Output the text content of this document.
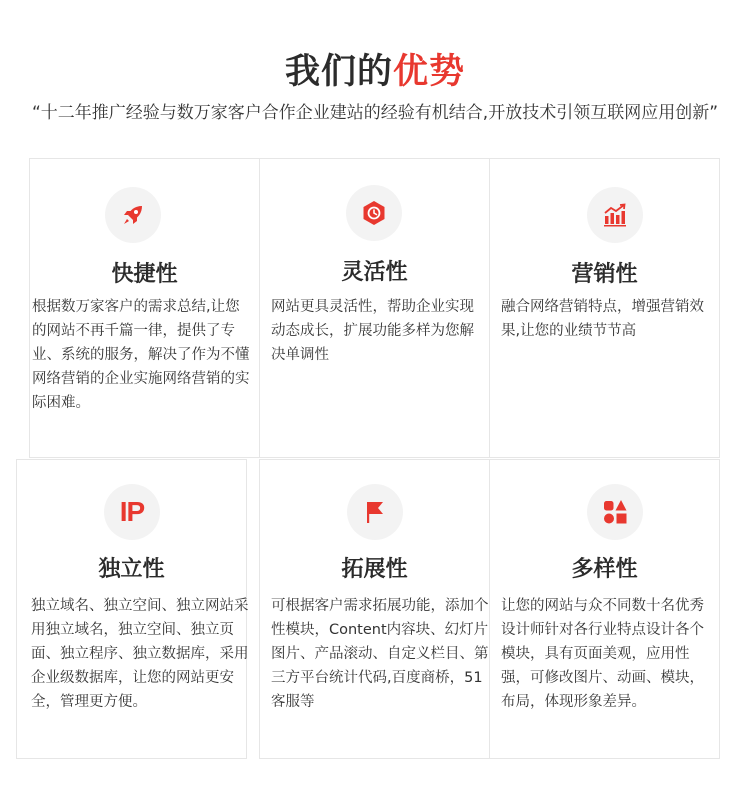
我们的优势
“十二年推广经验与数万家客户合作企业建站的经验有机结合,开放技术引领互联网应用创新”
快捷性
根据数万家客户的需求总结,让您的网站不再千篇一律，提供了专业、系统的服务，解决了作为不懂网络营销的企业实施网络营销的实际困难。
灵活性
网站更具灵活性，帮助企业实现动态成长，扩展功能多样为您解决单调性
营销性
融合网络营销特点，增强营销效果,让您的业绩节节高
IP
独立性
独立域名、独立空间、独立网站采用独立域名，独立空间、独立页面、独立程序、独立数据库，采用企业级数据库，让您的网站更安全，管理更方便。
拓展性
可根据客户需求拓展功能，添加个性模块，Content内容块、幻灯片图片、产品滚动、自定义栏目、第三方平台统计代码,百度商桥，51客服等
多样性
让您的网站与众不同数十名优秀设计师针对各行业特点设计各个模块，具有页面美观，应用性强，可修改图片、动画、模块，布局，体现形象差异。
